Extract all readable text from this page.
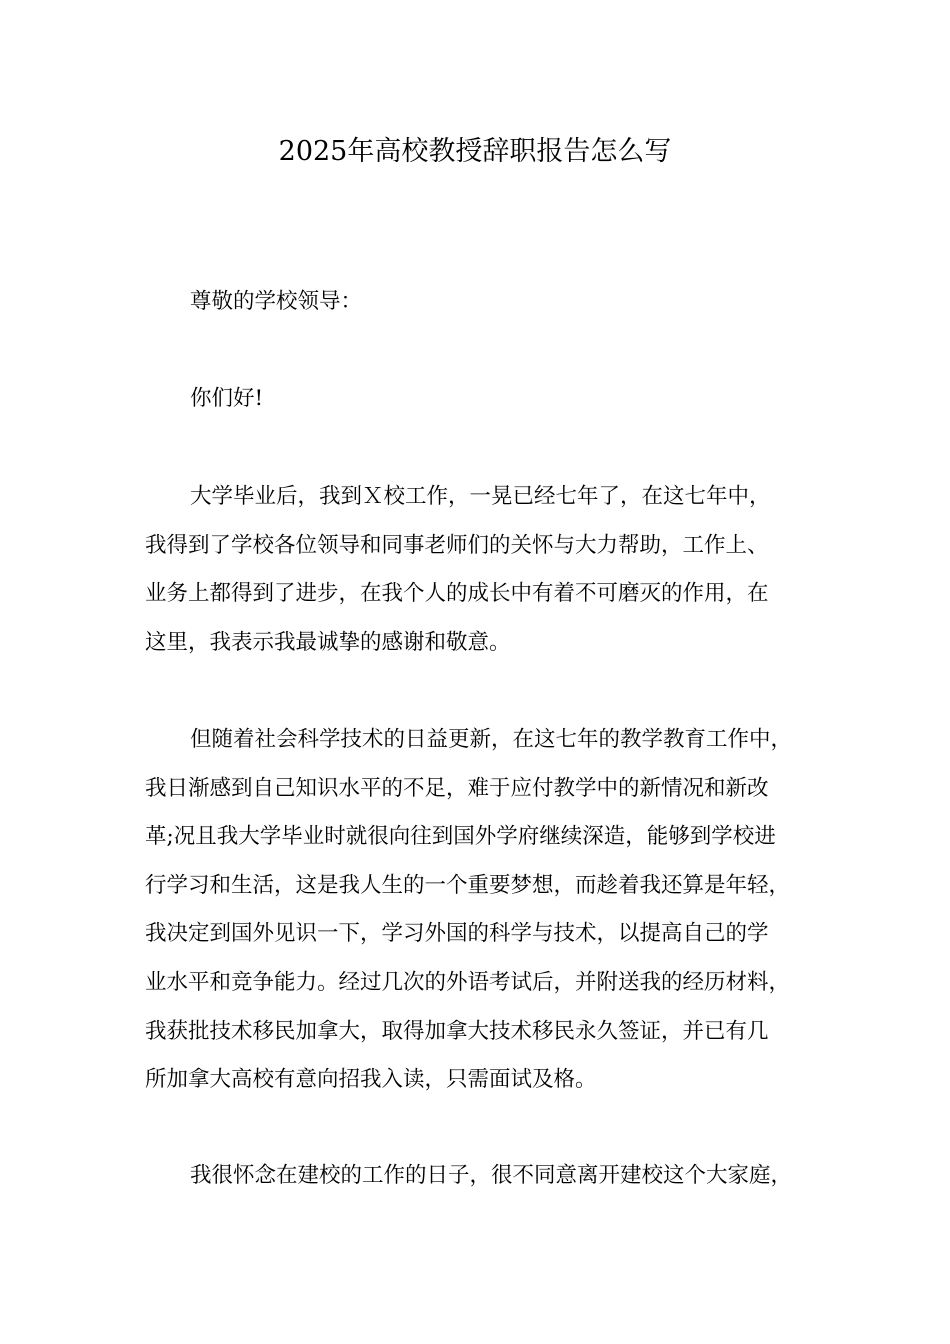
2025年高校教授辞职报告怎么写
尊敬的学校领导：
你们好!
大学毕业后，我到Ｘ校工作，一晃已经七年了，在这七年中，
我得到了学校各位领导和同事老师们的关怀与大力帮助，工作上、
业务上都得到了进步，在我个人的成长中有着不可磨灭的作用，在
这里，我表示我最诚挚的感谢和敬意。
但随着社会科学技术的日益更新，在这七年的教学教育工作中，
我日渐感到自己知识水平的不足，难于应付教学中的新情况和新改
革;况且我大学毕业时就很向往到国外学府继续深造，能够到学校进
行学习和生活，这是我人生的一个重要梦想，而趁着我还算是年轻，
我决定到国外见识一下，学习外国的科学与技术，以提高自己的学
业水平和竞争能力。经过几次的外语考试后，并附送我的经历材料，
我获批技术移民加拿大，取得加拿大技术移民永久签证，并已有几
所加拿大高校有意向招我入读，只需面试及格。
我很怀念在建校的工作的日子，很不同意离开建校这个大家庭，
